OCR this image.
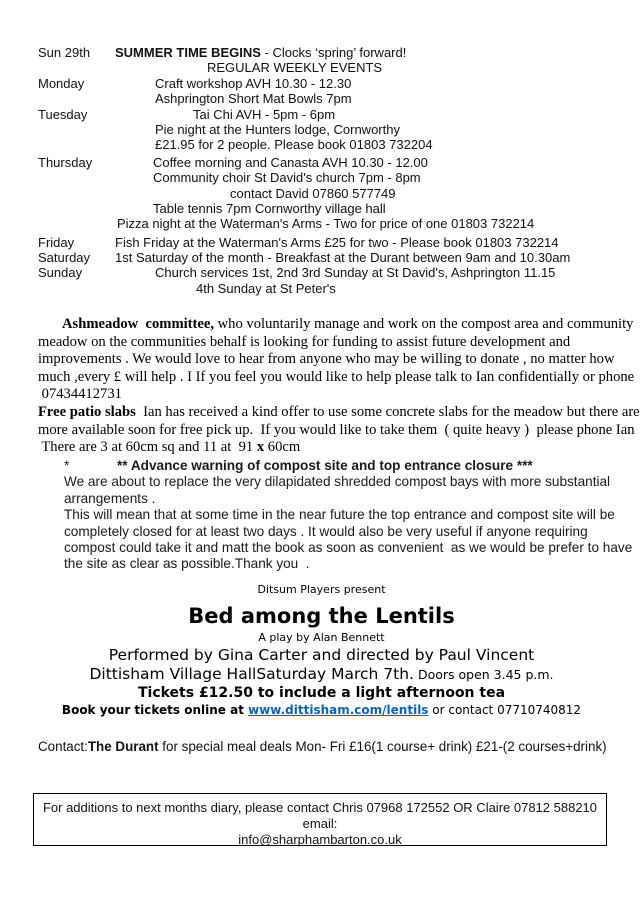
Sun 29th SUMMER TIME BEGINS - Clocks ‘spring’ forward!
REGULAR WEEKLY EVENTS
Monday	Craft workshop AVH 10.30 - 12.30
Ashprington Short Mat Bowls 7pm
Tuesday	Tai Chi AVH - 5pm - 6pm
Pie night at the Hunters lodge, Cornworthy
£21.95 for 2 people. Please book 01803 732204
Thursday	Coffee morning and Canasta AVH 10.30 - 12.00
Community choir St David's church 7pm - 8pm
contact David 07860 577749
Table tennis 7pm Cornworthy village hall
Pizza night at the Waterman's Arms - Two for price of one 01803 732214
Friday	Fish Friday at the Waterman's Arms £25 for two - Please book 01803 732214
Saturday 1st Saturday of the month - Breakfast at the Durant between 9am and 10.30am
Sunday	Church services 1st, 2nd 3rd Sunday at St David's, Ashprington 11.15
4th Sunday at St Peter's
Ashmeadow  committee, who voluntarily manage and work on the compost area and community
meadow on the communities behalf is looking for funding to assist future development and
improvements . We would love to hear from anyone who may be willing to donate , no matter how
much ,every £ will help . I If you feel you would like to help please talk to Ian confidentially or phone
07434412731
Free patio slabs  Ian has received a kind offer to use some concrete slabs for the meadow but there are
more available soon for free pick up.  If you would like to take them  ( quite heavy )  please phone Ian
There are 3 at 60cm sq and 11 at  91 x 60cm
*	** Advance warning of compost site and top entrance closure ***
We are about to replace the very dilapidated shredded compost bays with more substantial
arrangements .
This will mean that at some time in the near future the top entrance and compost site will be
completely closed for at least two days . It would also be very useful if anyone requiring
compost could take it and matt the book as soon as convenient  as we would be prefer to have
the site as clear as possible.Thank you  .
Ditsum Players present
Bed among the Lentils
A play by Alan Bennett
Performed by Gina Carter and directed by Paul Vincent
Dittisham Village HallSaturday March 7th. Doors open 3.45 p.m.
Tickets £12.50 to include a light afternoon tea
Book your tickets online at www.dittisham.com/lentils or contact 07710740812
Contact:The Durant for special meal deals Mon- Fri £16(1 course+ drink) £21-(2 courses+drink)
For additions to next months diary, please contact Chris 07968 172552 OR Claire 07812 588210 email:
info@sharphambarton.co.uk
